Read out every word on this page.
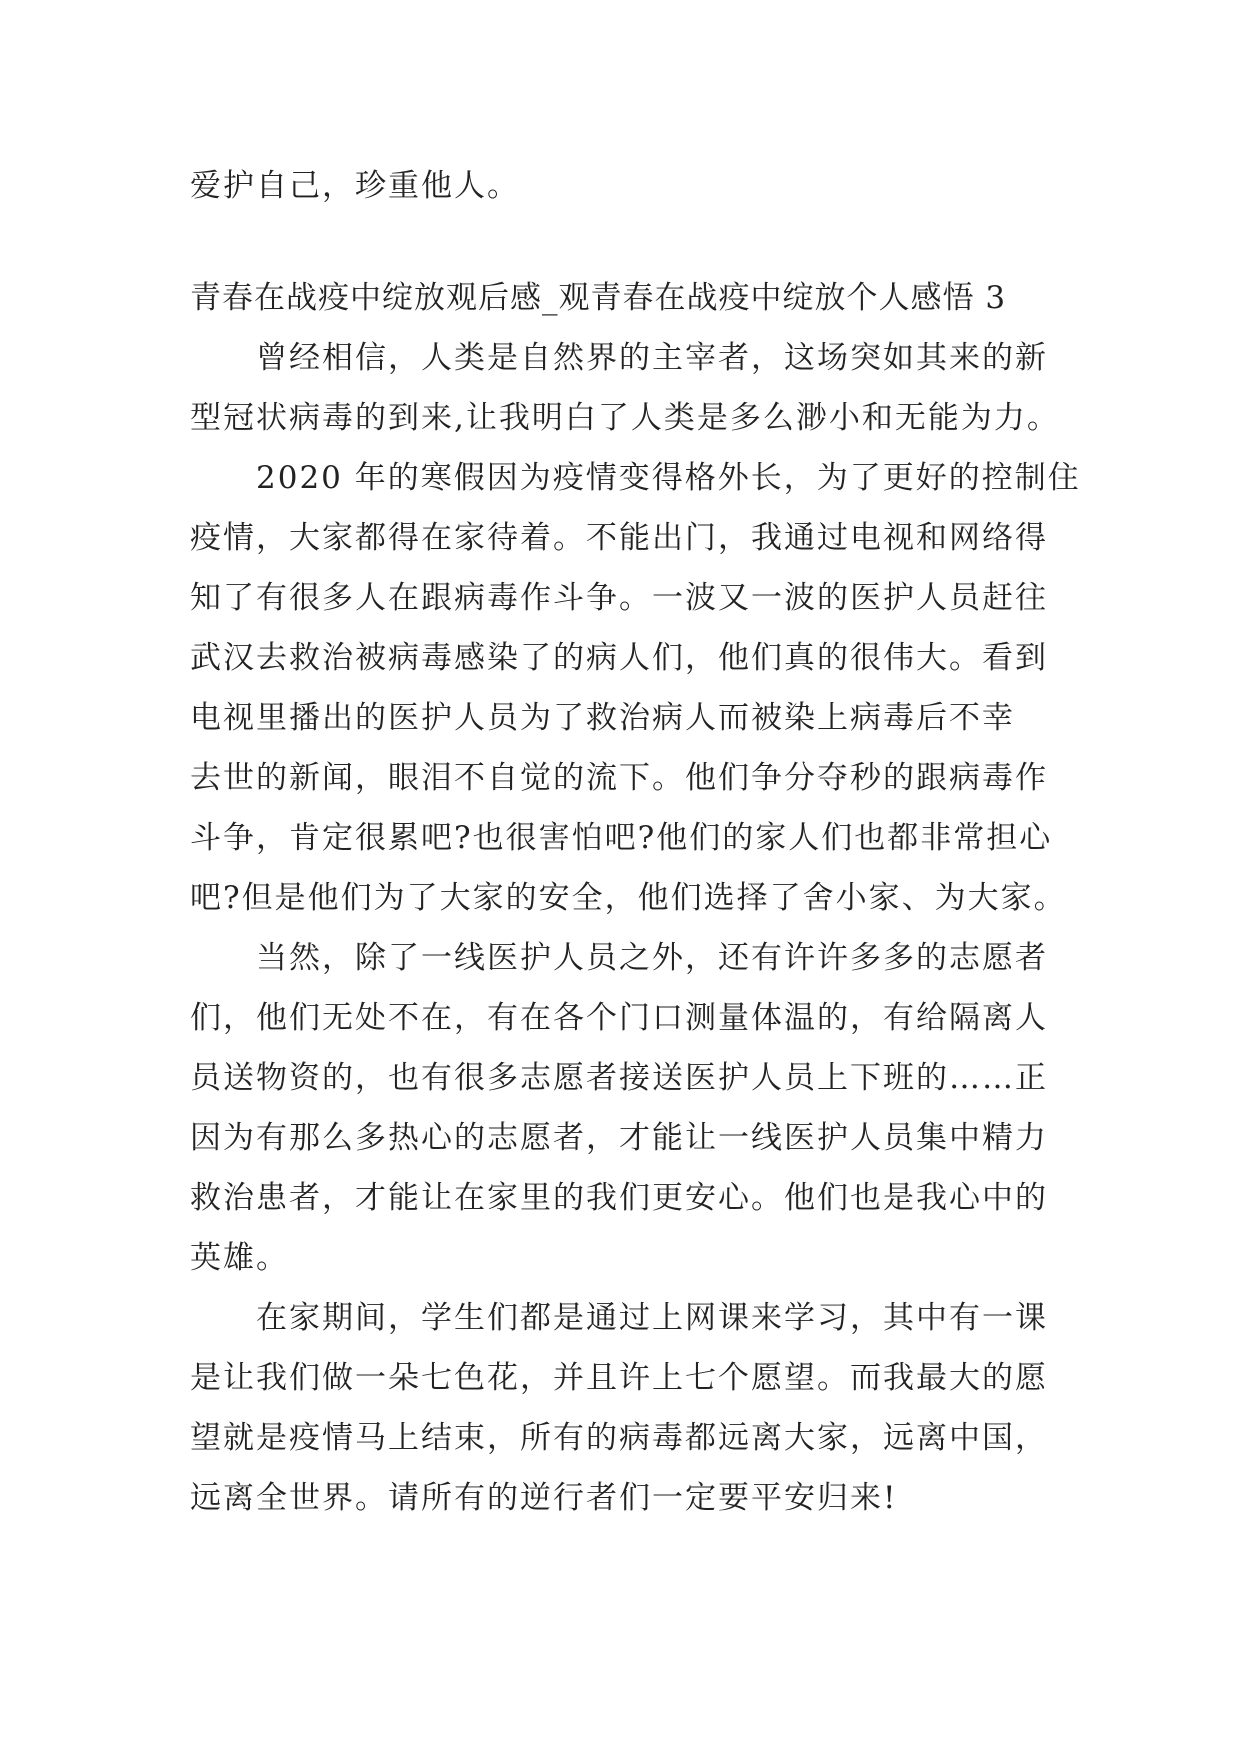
爱护自己，珍重他人。
青春在战疫中绽放观后感_观青春在战疫中绽放个人感悟 3
曾经相信，人类是自然界的主宰者，这场突如其来的新
型冠状病毒的到来,让我明白了人类是多么渺小和无能为力。
2020 年的寒假因为疫情变得格外长，为了更好的控制住
疫情，大家都得在家待着。不能出门，我通过电视和网络得
知了有很多人在跟病毒作斗争。一波又一波的医护人员赶往
武汉去救治被病毒感染了的病人们，他们真的很伟大。看到
电视里播出的医护人员为了救治病人而被染上病毒后不幸
去世的新闻，眼泪不自觉的流下。他们争分夺秒的跟病毒作
斗争，肯定很累吧?也很害怕吧?他们的家人们也都非常担心
吧?但是他们为了大家的安全，他们选择了舍小家、为大家。
当然，除了一线医护人员之外，还有许许多多的志愿者
们，他们无处不在，有在各个门口测量体温的，有给隔离人
员送物资的，也有很多志愿者接送医护人员上下班的……正
因为有那么多热心的志愿者，才能让一线医护人员集中精力
救治患者，才能让在家里的我们更安心。他们也是我心中的
英雄。
在家期间，学生们都是通过上网课来学习，其中有一课
是让我们做一朵七色花，并且许上七个愿望。而我最大的愿
望就是疫情马上结束，所有的病毒都远离大家，远离中国，
远离全世界。请所有的逆行者们一定要平安归来!
